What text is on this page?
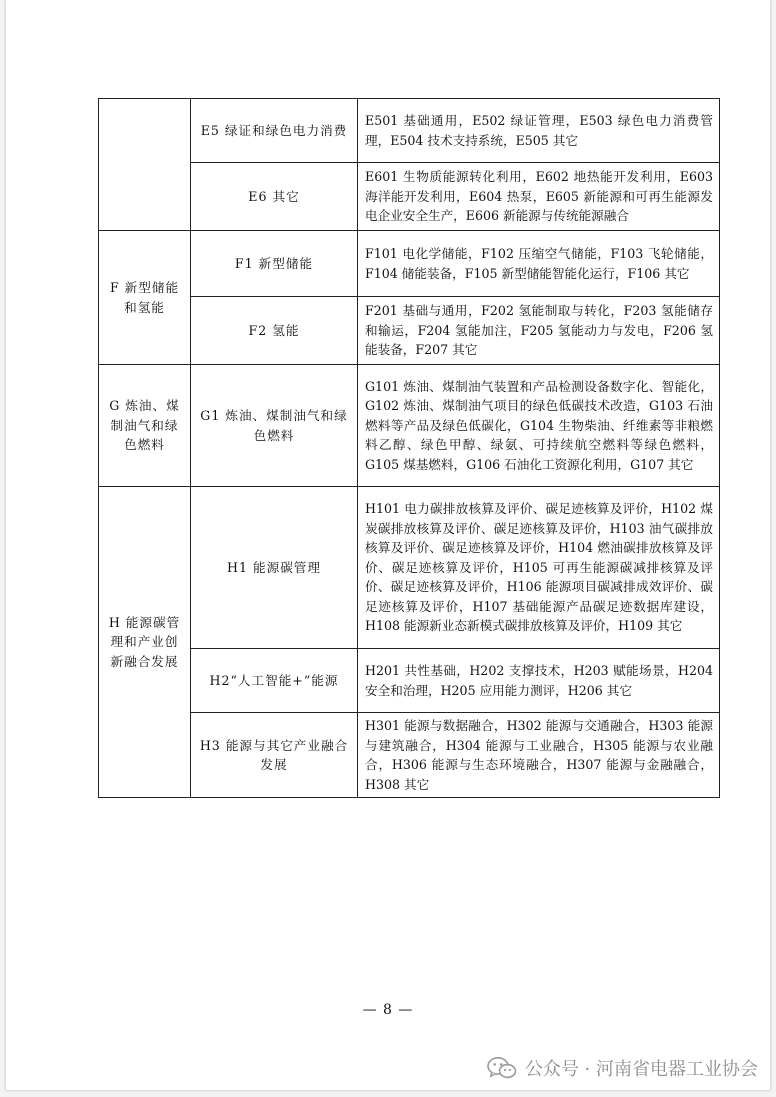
	E5 绿证和绿色电力消费	E501 基础通用，E502 绿证管理，E503 绿色电力消费管理，E504 技术支持系统，E505 其它

	E6 其它	E601 生物质能源转化利用，E602 地热能开发利用，E603 海洋能开发利用，E604 热泵，E605 新能源和可再生能源发电企业安全生产，E606 新能源与传统能源融合

F 新型储能和氢能	F1 新型储能	F101 电化学储能，F102 压缩空气储能，F103 飞轮储能，F104 储能装备，F105 新型储能智能化运行，F106 其它

	F2 氢能	F201 基础与通用，F202 氢能制取与转化，F203 氢能储存和输运，F204 氢能加注，F205 氢能动力与发电，F206 氢能装备，F207 其它

G 炼油、煤制油气和绿色燃料	G1 炼油、煤制油气和绿色燃料	G101 炼油、煤制油气装置和产品检测设备数字化、智能化，G102 炼油、煤制油气项目的绿色低碳技术改造，G103 石油燃料等产品及绿色低碳化，G104 生物柴油、纤维素等非粮燃料乙醇、绿色甲醇、绿氨、可持续航空燃料等绿色燃料，G105 煤基燃料，G106 石油化工资源化利用，G107 其它

H 能源碳管理和产业创新融合发展	H1 能源碳管理	H101 电力碳排放核算及评价、碳足迹核算及评价，H102 煤炭碳排放核算及评价、碳足迹核算及评价，H103 油气碳排放核算及评价、碳足迹核算及评价，H104 燃油碳排放核算及评价、碳足迹核算及评价，H105 可再生能源碳减排核算及评价、碳足迹核算及评价，H106 能源项目碳减排成效评价、碳足迹核算及评价，H107 基础能源产品碳足迹数据库建设，H108 能源新业态新模式碳排放核算及评价，H109 其它

	H2“人工智能+”能源	H201 共性基础，H202 支撑技术，H203 赋能场景，H204 安全和治理，H205 应用能力测评，H206 其它

	H3 能源与其它产业融合发展	H301 能源与数据融合，H302 能源与交通融合，H303 能源与建筑融合，H304 能源与工业融合，H305 能源与农业融合，H306 能源与生态环境融合，H307 能源与金融融合，H308 其它
— 8 —
公众号 · 河南省电器工业协会
